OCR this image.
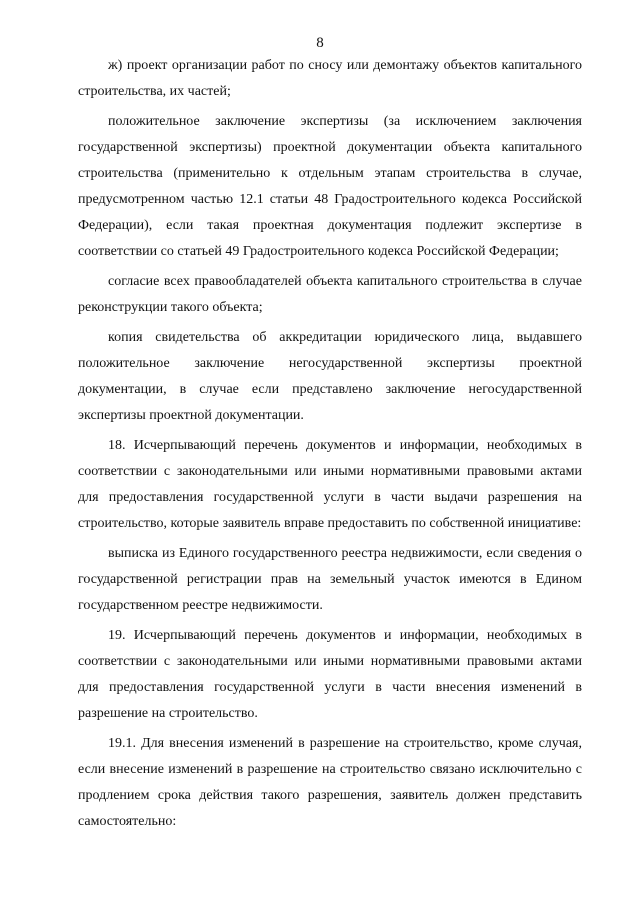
8

ж) проект организации работ по сносу или демонтажу объектов капитального строительства, их частей;

положительное заключение экспертизы (за исключением заключения государственной экспертизы) проектной документации объекта капитального строительства (применительно к отдельным этапам строительства в случае, предусмотренном частью 12.1 статьи 48 Градостроительного кодекса Российской Федерации), если такая проектная документация подлежит экспертизе в соответствии со статьей 49 Градостроительного кодекса Российской Федерации;

согласие всех правообладателей объекта капитального строительства в случае реконструкции такого объекта;

копия свидетельства об аккредитации юридического лица, выдавшего положительное заключение негосударственной экспертизы проектной документации, в случае если представлено заключение негосударственной экспертизы проектной документации.

18. Исчерпывающий перечень документов и информации, необходимых в соответствии с законодательными или иными нормативными правовыми актами для предоставления государственной услуги в части выдачи разрешения на строительство, которые заявитель вправе предоставить по собственной инициативе:

выписка из Единого государственного реестра недвижимости, если сведения о государственной регистрации прав на земельный участок имеются в Едином государственном реестре недвижимости.

19. Исчерпывающий перечень документов и информации, необходимых в соответствии с законодательными или иными нормативными правовыми актами для предоставления государственной услуги в части внесения изменений в разрешение на строительство.

19.1. Для внесения изменений в разрешение на строительство, кроме случая, если внесение изменений в разрешение на строительство связано исключительно с продлением срока действия такого разрешения, заявитель должен представить самостоятельно:
